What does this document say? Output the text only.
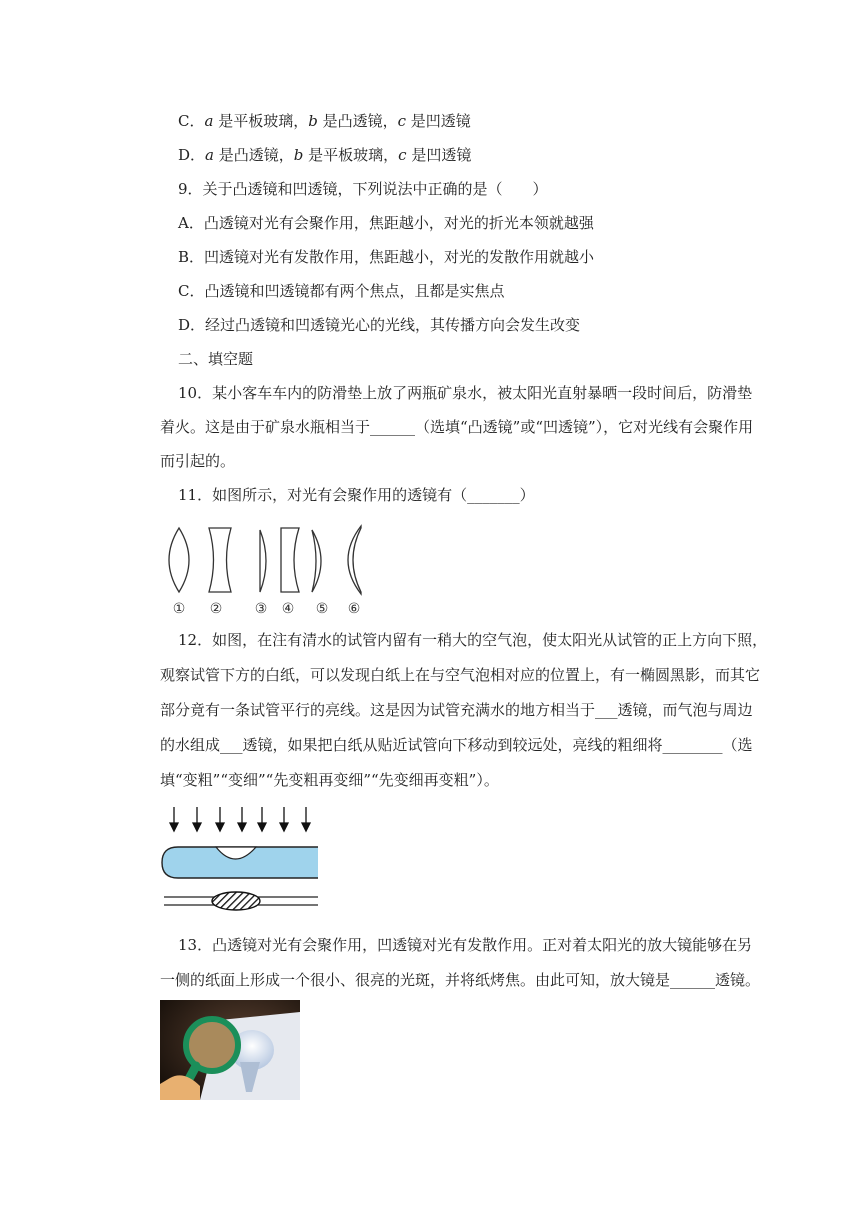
C．a 是平板玻璃，b 是凸透镜，c 是凹透镜
D．a 是凸透镜，b 是平板玻璃，c 是凹透镜
9．关于凸透镜和凹透镜，下列说法中正确的是（　　）
A．凸透镜对光有会聚作用，焦距越小，对光的折光本领就越强
B．凹透镜对光有发散作用，焦距越小，对光的发散作用就越小
C．凸透镜和凹透镜都有两个焦点，且都是实焦点
D．经过凸透镜和凹透镜光心的光线，其传播方向会发生改变
二、填空题
10．某小客车车内的防滑垫上放了两瓶矿泉水，被太阳光直射暴晒一段时间后，防滑垫
着火。这是由于矿泉水瓶相当于______（选填“凸透镜”或“凹透镜”），它对光线有会聚作用
而引起的。
11．如图所示，对光有会聚作用的透镜有（_______）
① ② ③ ④ ⑤ ⑥
12．如图，在注有清水的试管内留有一稍大的空气泡，使太阳光从试管的正上方向下照，
观察试管下方的白纸，可以发现白纸上在与空气泡相对应的位置上，有一椭圆黑影，而其它
部分竟有一条试管平行的亮线。这是因为试管充满水的地方相当于___透镜，而气泡与周边
的水组成___透镜，如果把白纸从贴近试管向下移动到较远处，亮线的粗细将________（选
填“变粗”“变细”“先变粗再变细”“先变细再变粗”）。
13．凸透镜对光有会聚作用，凹透镜对光有发散作用。正对着太阳光的放大镜能够在另
一侧的纸面上形成一个很小、很亮的光斑，并将纸烤焦。由此可知，放大镜是______透镜。
